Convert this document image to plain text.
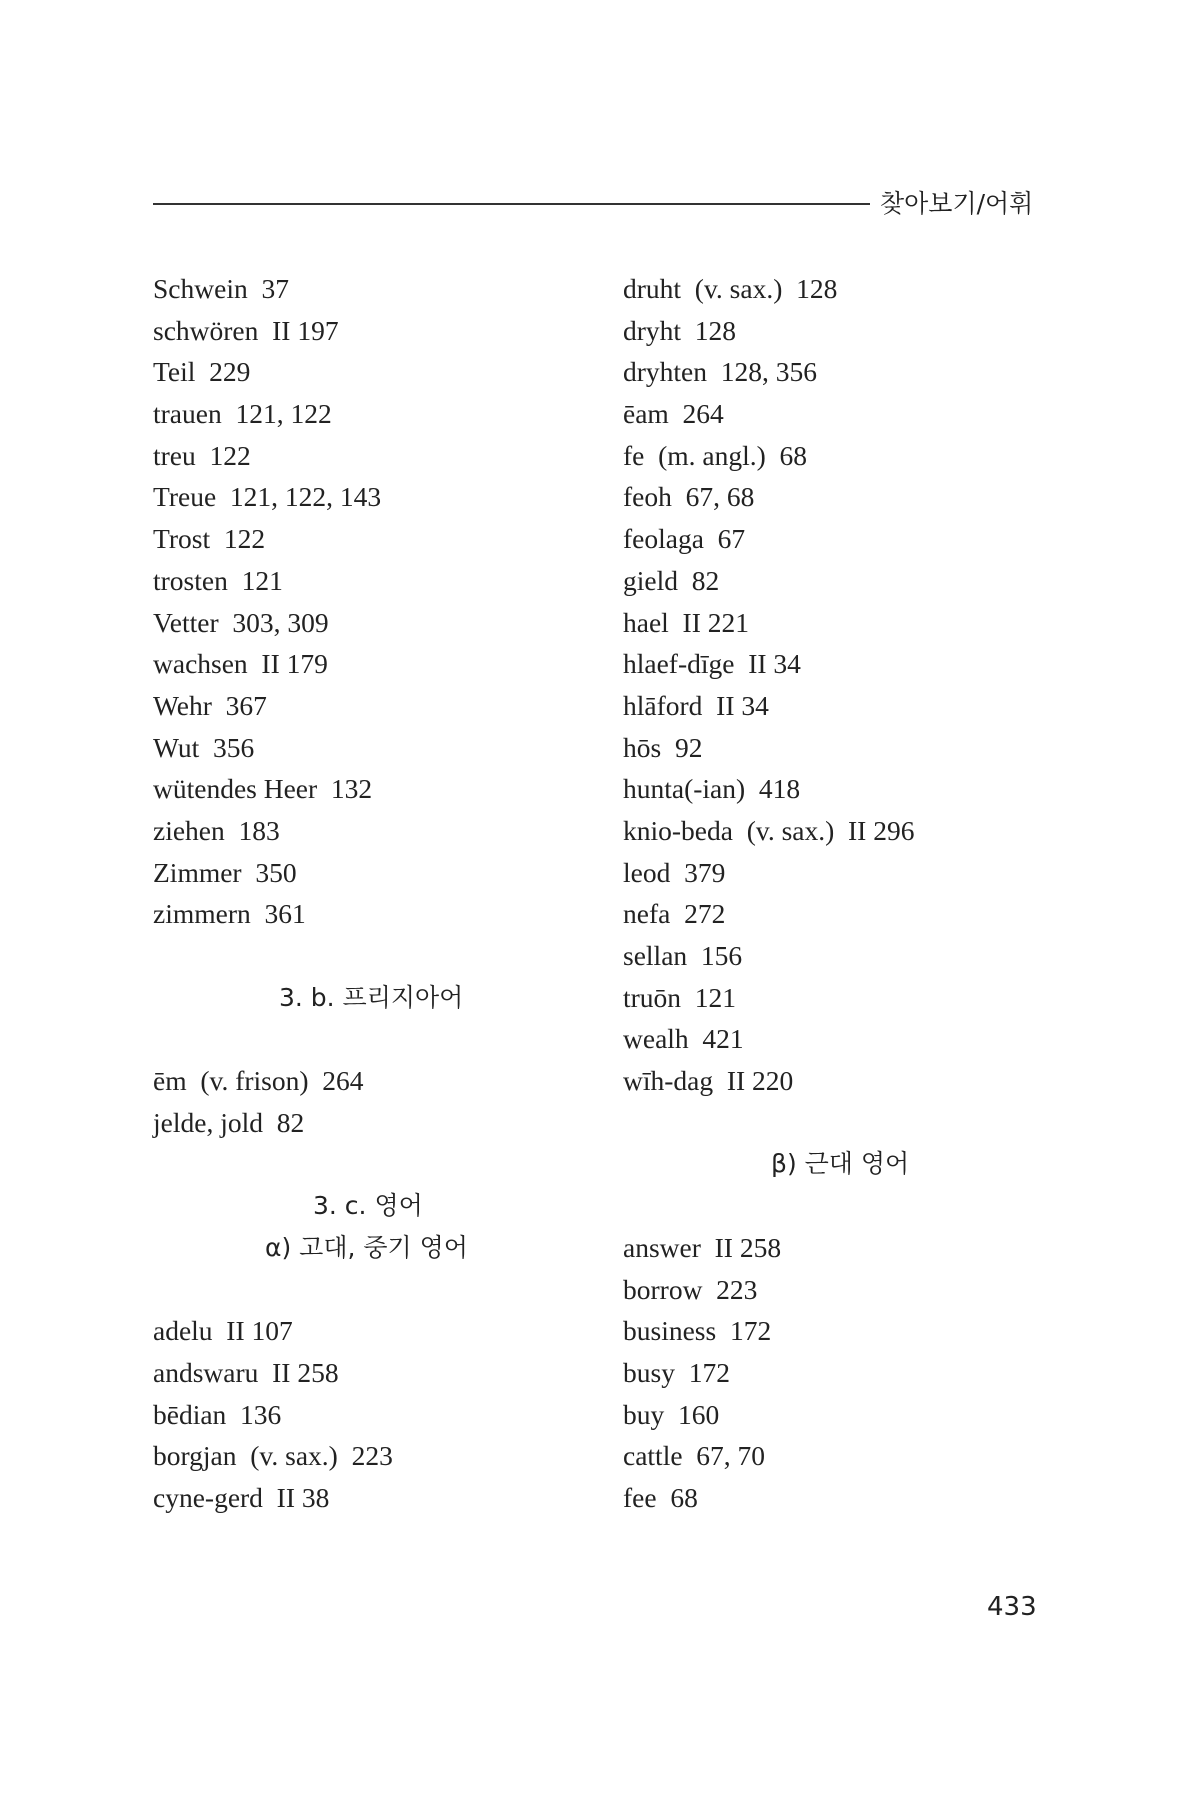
찾아보기/어휘
Schwein  37
schwören  II 197
Teil  229
trauen  121, 122
treu  122
Treue  121, 122, 143
Trost  122
trosten  121
Vetter  303, 309
wachsen  II 179
Wehr  367
Wut  356
wütendes Heer  132
ziehen  183
Zimmer  350
zimmern  361
3. b. 프리지아어
ēm  (v. frison)  264
jelde, jold  82
3. c. 영어
α) 고대, 중기 영어
adelu  II 107
andswaru  II 258
bēdian  136
borgjan  (v. sax.)  223
cyne-gerd  II 38
druht  (v. sax.)  128
dryht  128
dryhten  128, 356
ēam  264
fe  (m. angl.)  68
feoh  67, 68
feolaga  67
gield  82
hael  II 221
hlaef-dīge  II 34
hlāford  II 34
hōs  92
hunta(-ian)  418
knio-beda  (v. sax.)  II 296
leod  379
nefa  272
sellan  156
truōn  121
wealh  421
wīh-dag  II 220
β) 근대 영어
answer  II 258
borrow  223
business  172
busy  172
buy  160
cattle  67, 70
fee  68
433
